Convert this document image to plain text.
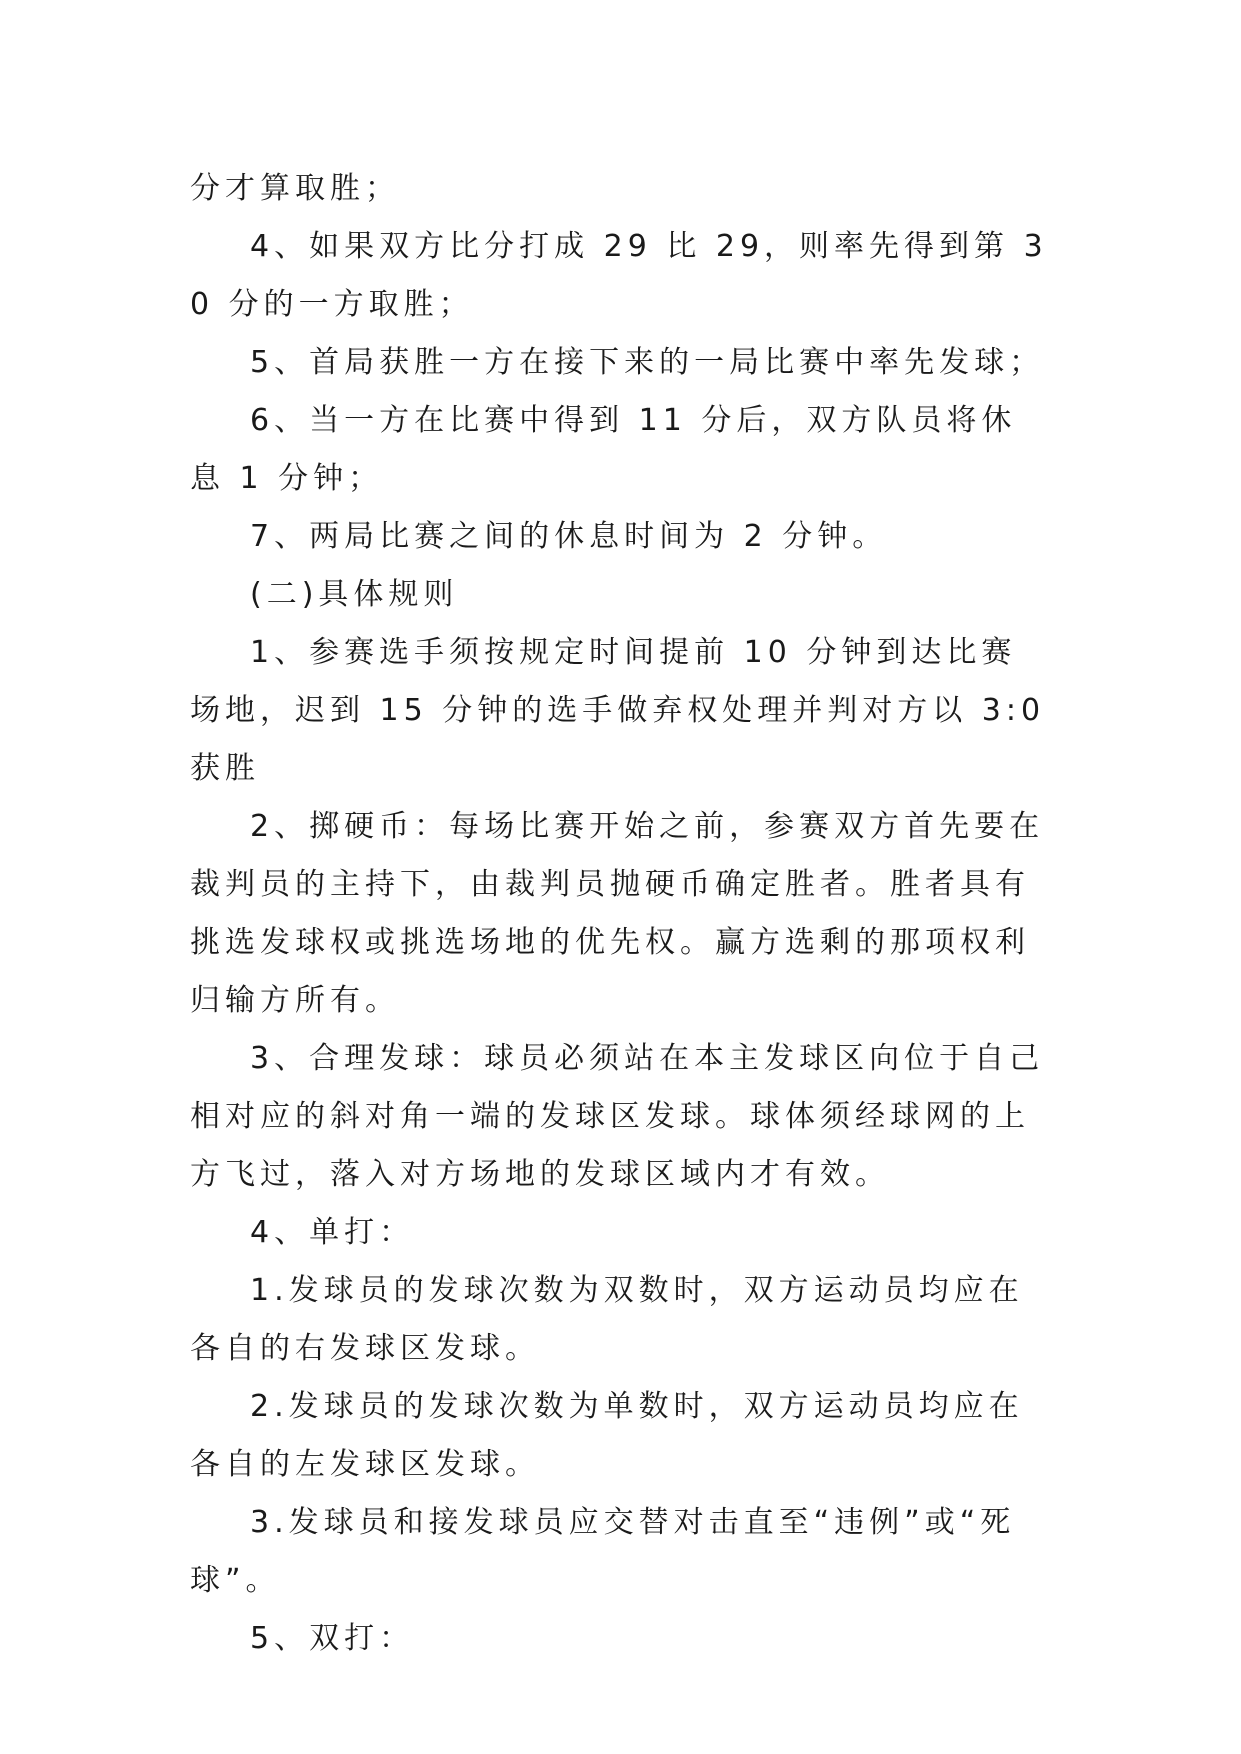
分才算取胜；

4、如果双方比分打成 29 比 29，则率先得到第 30 分的一方取胜；

5、首局获胜一方在接下来的一局比赛中率先发球；

6、当一方在比赛中得到 11 分后，双方队员将休息 1 分钟；

7、两局比赛之间的休息时间为 2 分钟。

(二)具体规则

1、参赛选手须按规定时间提前 10 分钟到达比赛场地，迟到 15 分钟的选手做弃权处理并判对方以 3:0 获胜

2、掷硬币：每场比赛开始之前，参赛双方首先要在裁判员的主持下，由裁判员抛硬币确定胜者。胜者具有挑选发球权或挑选场地的优先权。赢方选剩的那项权利归输方所有。

3、合理发球：球员必须站在本主发球区向位于自己相对应的斜对角一端的发球区发球。球体须经球网的上方飞过，落入对方场地的发球区域内才有效。

4、单打：

1.发球员的发球次数为双数时，双方运动员均应在各自的右发球区发球。

2.发球员的发球次数为单数时，双方运动员均应在各自的左发球区发球。

3.发球员和接发球员应交替对击直至“违例”或“死球”。

5、双打：
